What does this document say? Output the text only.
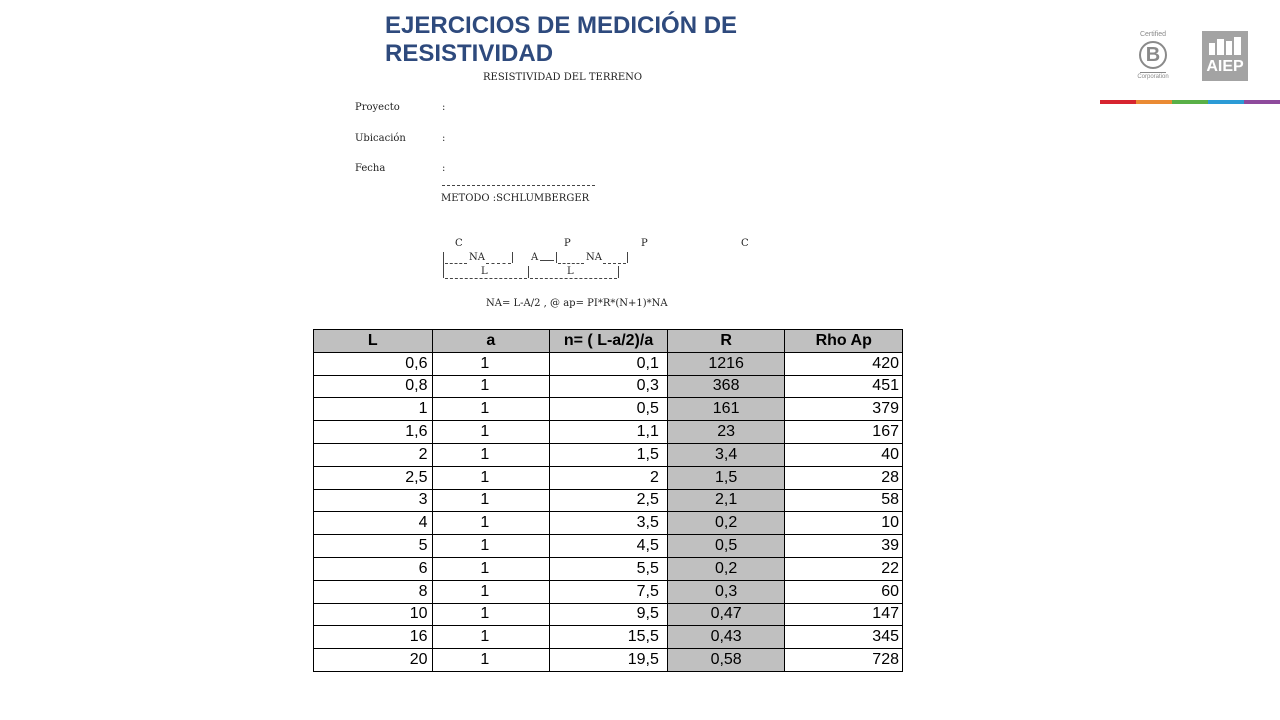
EJERCICIOS DE MEDICIÓN DE
RESISTIVIDAD
Certified
B
Corporation
AIEP
RESISTIVIDAD DEL TERRENO
Proyecto	:
Ubicación	:
Fecha	:
METODO :SCHLUMBERGER
C	P	P	C
NA	A	NA
L	L
NA= L-A/2 , @ ap= PI*R*(N+1)*NA
L	a	n= ( L-a/2)/a	R	Rho Ap
0,6	1	0,1	1216	420
0,8	1	0,3	368	451
1	1	0,5	161	379
1,6	1	1,1	23	167
2	1	1,5	3,4	40
2,5	1	2	1,5	28
3	1	2,5	2,1	58
4	1	3,5	0,2	10
5	1	4,5	0,5	39
6	1	5,5	0,2	22
8	1	7,5	0,3	60
10	1	9,5	0,47	147
16	1	15,5	0,43	345
20	1	19,5	0,58	728
